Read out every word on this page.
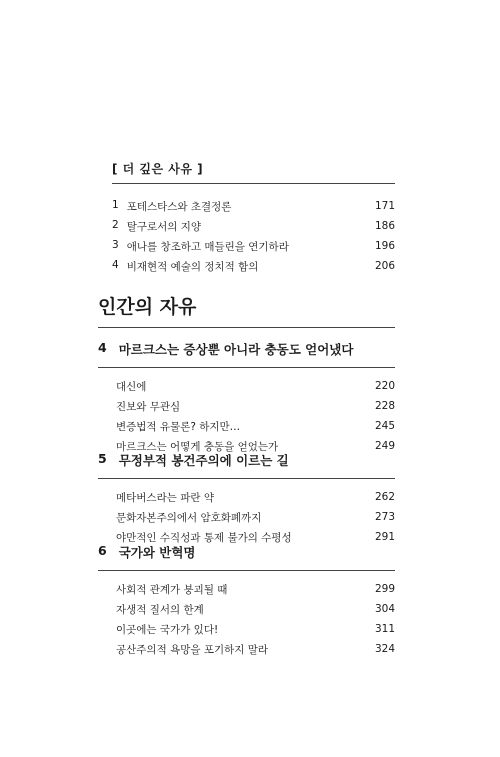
[ 더 깊은 사유 ]
1 포테스타스와 초결정론	171
2 탈구로서의 지양	186
3 애나를 창조하고 매들린을 연기하라	196
4 비재현적 예술의 정치적 함의	206
인간의 자유
4 마르크스는 증상뿐 아니라 충동도 얻어냈다
대신에	220
진보와 무관심	228
변증법적 유물론? 하지만…	245
마르크스는 어떻게 충동을 얻었는가	249
5 무정부적 봉건주의에 이르는 길
메타버스라는 파란 약	262
문화자본주의에서 암호화폐까지	273
야만적인 수직성과 통제 불가의 수평성	291
6 국가와 반혁명
사회적 관계가 붕괴될 때	299
자생적 질서의 한계	304
이곳에는 국가가 있다!	311
공산주의적 욕망을 포기하지 말라	324
